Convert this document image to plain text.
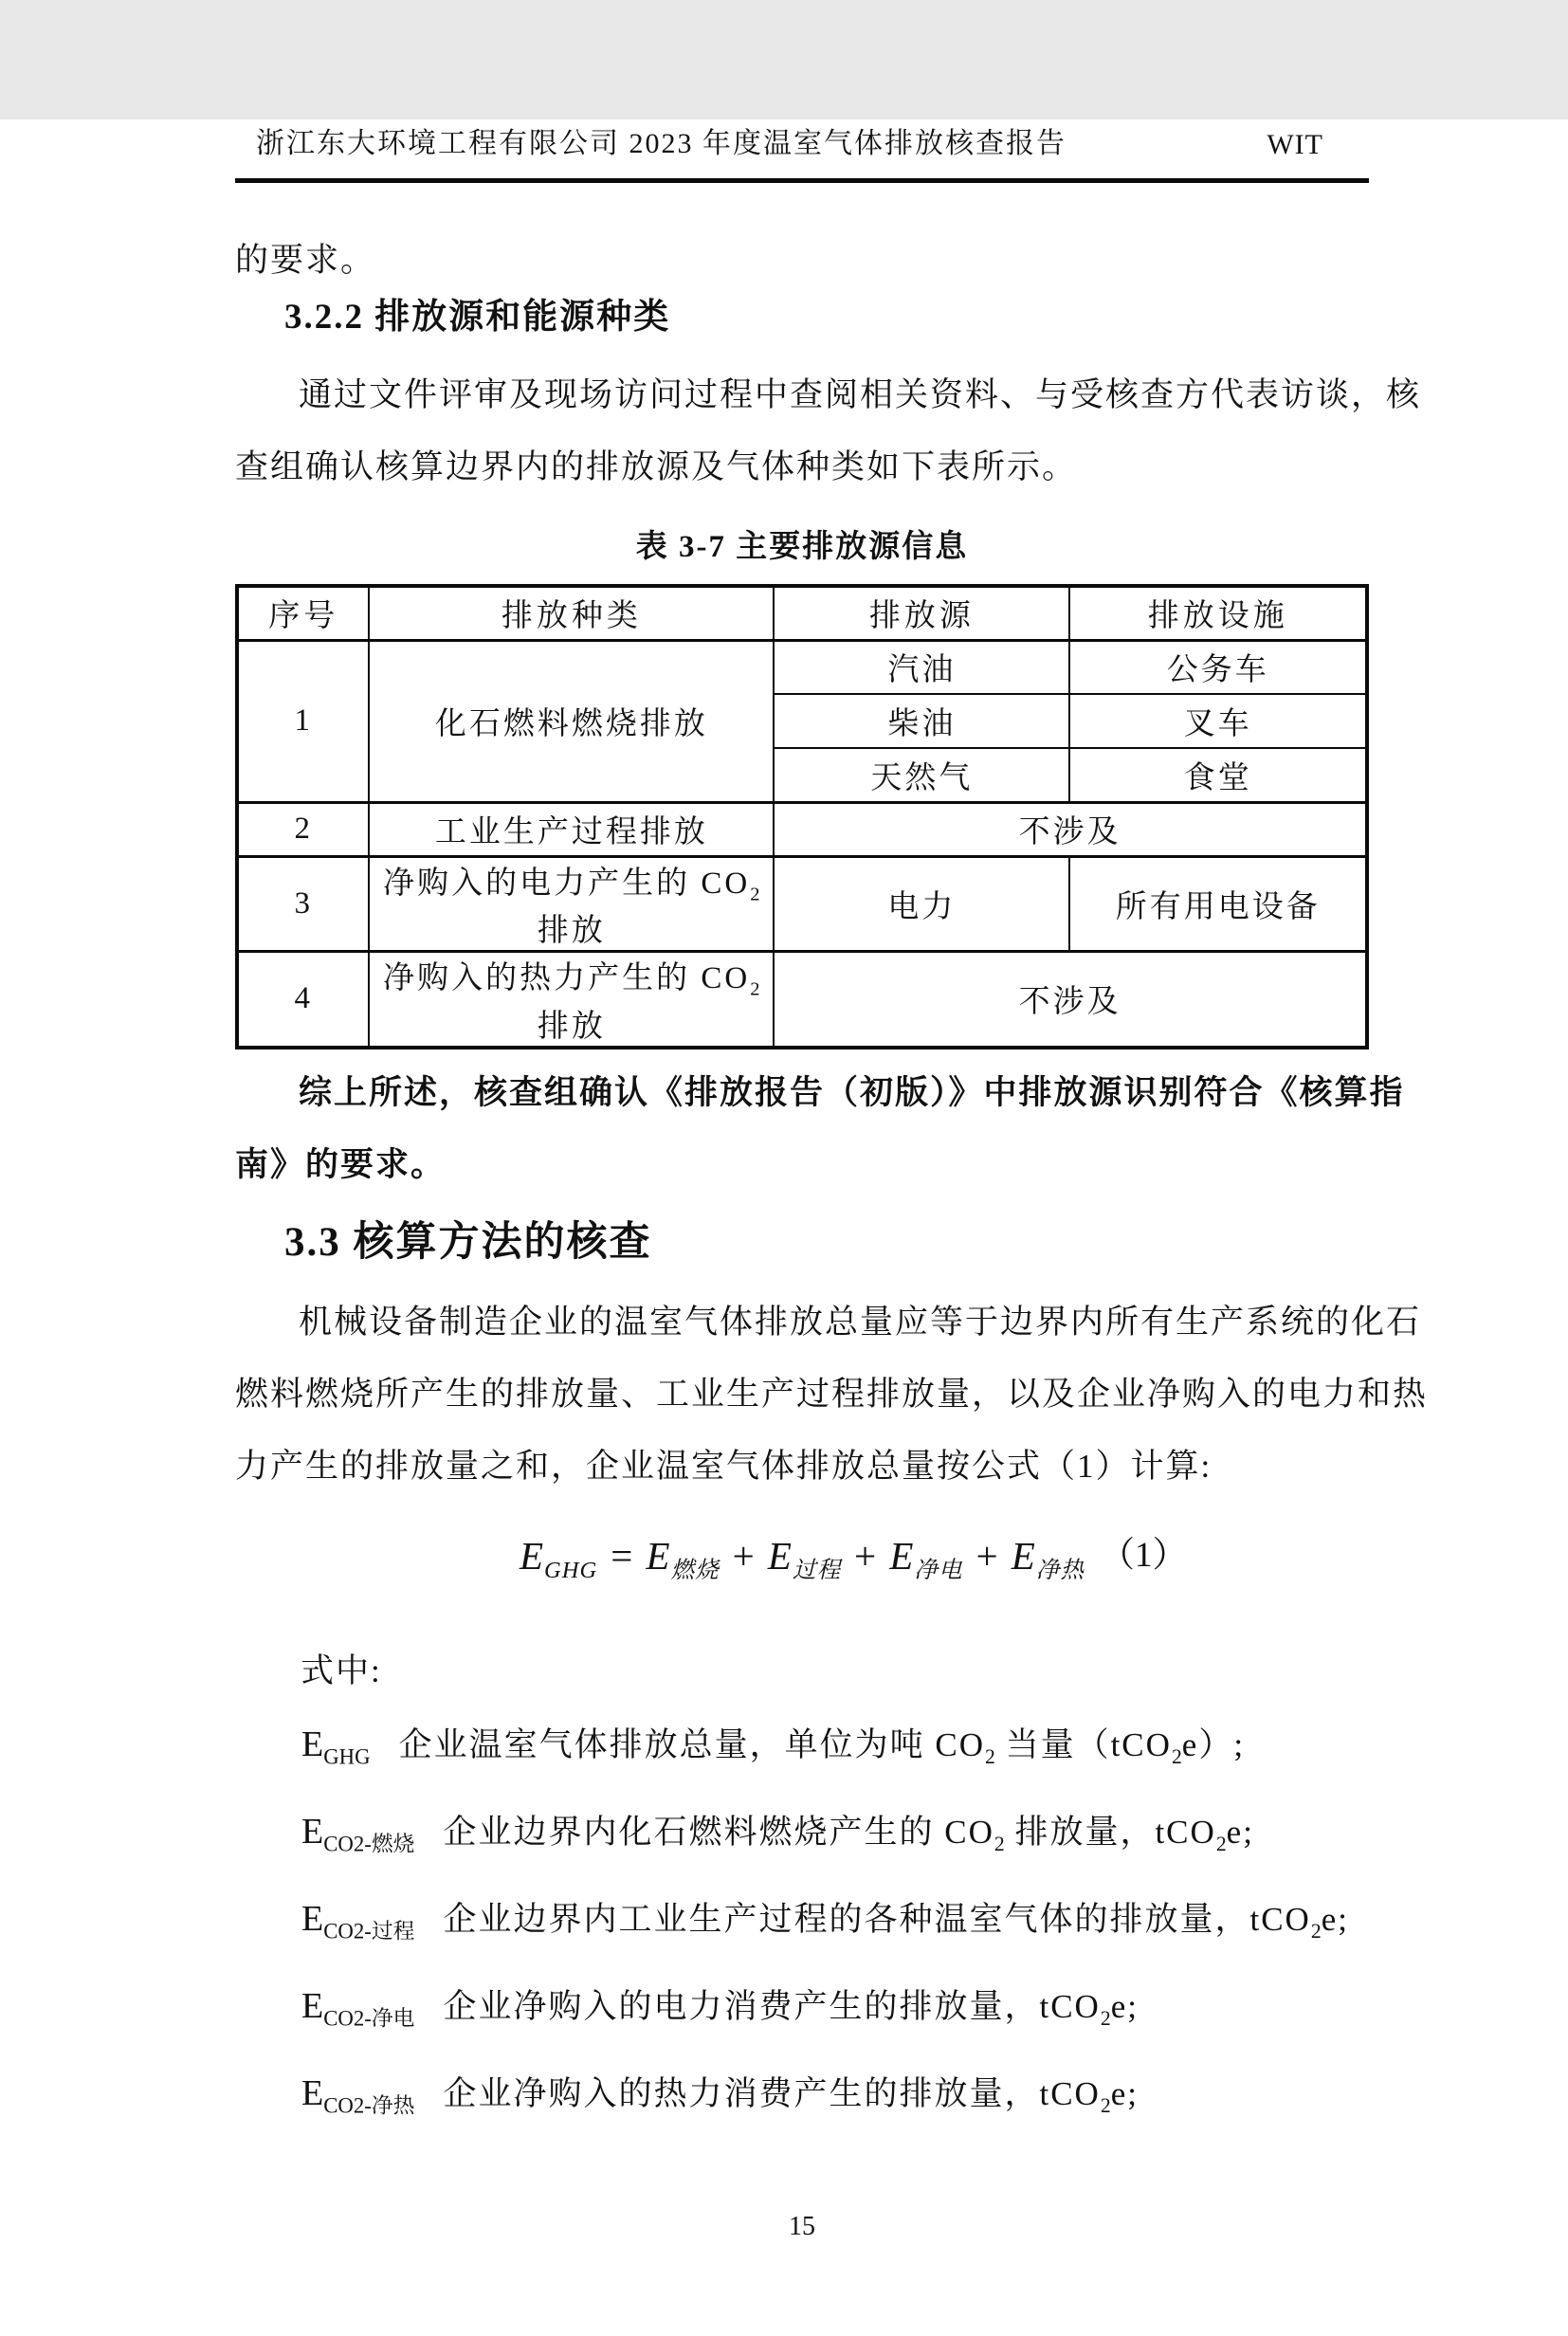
浙江东大环境工程有限公司 2023 年度温室气体排放核查报告	WIT
的要求。
3.2.2 排放源和能源种类
通过文件评审及现场访问过程中查阅相关资料、与受核查方代表访谈，核
查组确认核算边界内的排放源及气体种类如下表所示。
表 3-7 主要排放源信息
序号	排放种类	排放源	排放设施
1	化石燃料燃烧排放	汽油	公务车
		柴油	叉车
		天然气	食堂
2	工业生产过程排放	不涉及	
3	净购入的电力产生的 $CO_2$ 排放	电力	所有用电设备
4	净购入的热力产生的 $CO_2$ 排放	不涉及	
综上所述，核查组确认《排放报告（初版）》中排放源识别符合《核算指
南》的要求。
3.3 核算方法的核查
机械设备制造企业的温室气体排放总量应等于边界内所有生产系统的化石
燃料燃烧所产生的排放量、工业生产过程排放量，以及企业净购入的电力和热
力产生的排放量之和，企业温室气体排放总量按公式（1）计算:
$E_{GHG} = E_{燃烧} + E_{过程} + E_{净电} + E_{净热}$ （1）
式中:
$E_{GHG}$ 企业温室气体排放总量，单位为吨 $CO_2$ 当量（tCO$_2$e）;
$E_{CO2-燃烧}$ 企业边界内化石燃料燃烧产生的 $CO_2$ 排放量，tCO$_2$e;
$E_{CO2-过程}$ 企业边界内工业生产过程的各种温室气体的排放量，tCO$_2$e;
$E_{CO2-净电}$ 企业净购入的电力消费产生的排放量，tCO$_2$e;
$E_{CO2-净热}$ 企业净购入的热力消费产生的排放量，tCO$_2$e;
15
